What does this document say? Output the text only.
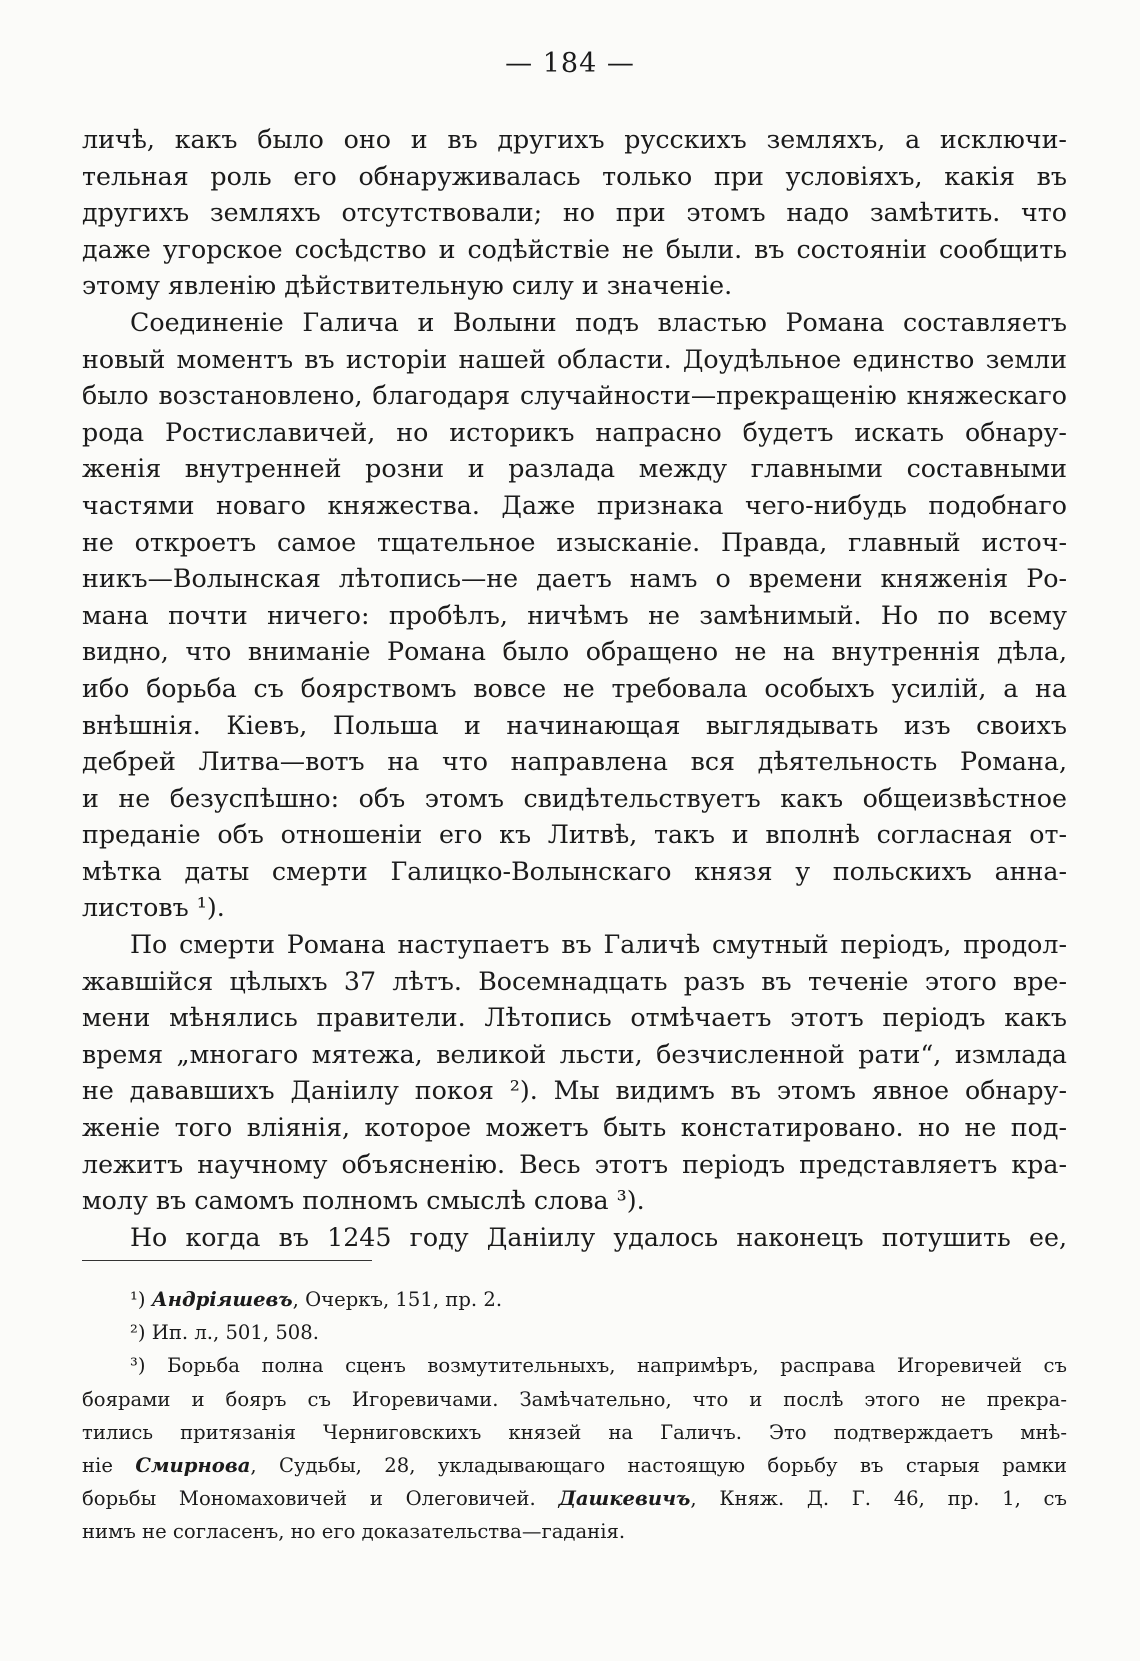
— 184 —
личѣ, какъ было оно и въ другихъ русскихъ земляхъ, а исключи-
тельная роль его обнаруживалась только при условіяхъ, какія въ
другихъ земляхъ отсутствовали; но при этомъ надо замѣтить. что
даже угорское сосѣдство и содѣйствіе не были. въ состояніи сообщить
этому явленію дѣйствительную силу и значеніе.
Соединеніе Галича и Волыни подъ властью Романа составляетъ
новый моментъ въ исторіи нашей области. Доудѣльное единство земли
было возстановлено, благодаря случайности—прекращенію княжескаго
рода Ростиславичей, но историкъ напрасно будетъ искать обнару-
женія внутренней розни и разлада между главными составными
частями новаго княжества. Даже признака чего-нибудь подобнаго
не откроетъ самое тщательное изысканіе. Правда, главный источ-
никъ—Волынская лѣтопись—не даетъ намъ о времени княженія Ро-
мана почти ничего: пробѣлъ, ничѣмъ не замѣнимый. Но по всему
видно, что вниманіе Романа было обращено не на внутреннія дѣла,
ибо борьба съ боярствомъ вовсе не требовала особыхъ усилій, а на
внѣшнія. Кіевъ, Польша и начинающая выглядывать изъ своихъ
дебрей Литва—вотъ на что направлена вся дѣятельность Романа,
и не безуспѣшно: объ этомъ свидѣтельствуетъ какъ общеизвѣстное
преданіе объ отношеніи его къ Литвѣ, такъ и вполнѣ согласная от-
мѣтка даты смерти Галицко-Волынскаго князя у польскихъ анна-
листовъ ¹).
По смерти Романа наступаетъ въ Галичѣ смутный періодъ, продол-
жавшійся цѣлыхъ 37 лѣтъ. Восемнадцать разъ въ теченіе этого вре-
мени мѣнялись правители. Лѣтопись отмѣчаетъ этотъ періодъ какъ
время „многаго мятежа, великой льсти, безчисленной рати“, измлада
не дававшихъ Даніилу покоя ²). Мы видимъ въ этомъ явное обнару-
женіе того вліянія, которое можетъ быть констатировано. но не под-
лежитъ научному объясненію. Весь этотъ періодъ представляетъ кра-
молу въ самомъ полномъ смыслѣ слова ³).
Но когда въ 1245 году Даніилу удалось наконецъ потушить ее,
¹) Андріяшевъ, Очеркъ, 151, пр. 2.
²) Ип. л., 501, 508.
³) Борьба полна сценъ возмутительныхъ, напримѣръ, расправа Игоревичей съ
боярами и бояръ съ Игоревичами. Замѣчательно, что и послѣ этого не прекра-
тились притязанія Черниговскихъ князей на Галичъ. Это подтверждаетъ мнѣ-
ніе Смирнова, Судьбы, 28, укладывающаго настоящую борьбу въ старыя рамки
борьбы Мономаховичей и Олеговичей. Дашкевичъ, Княж. Д. Г. 46, пр. 1, съ
нимъ не согласенъ, но его доказательства—гаданія.
